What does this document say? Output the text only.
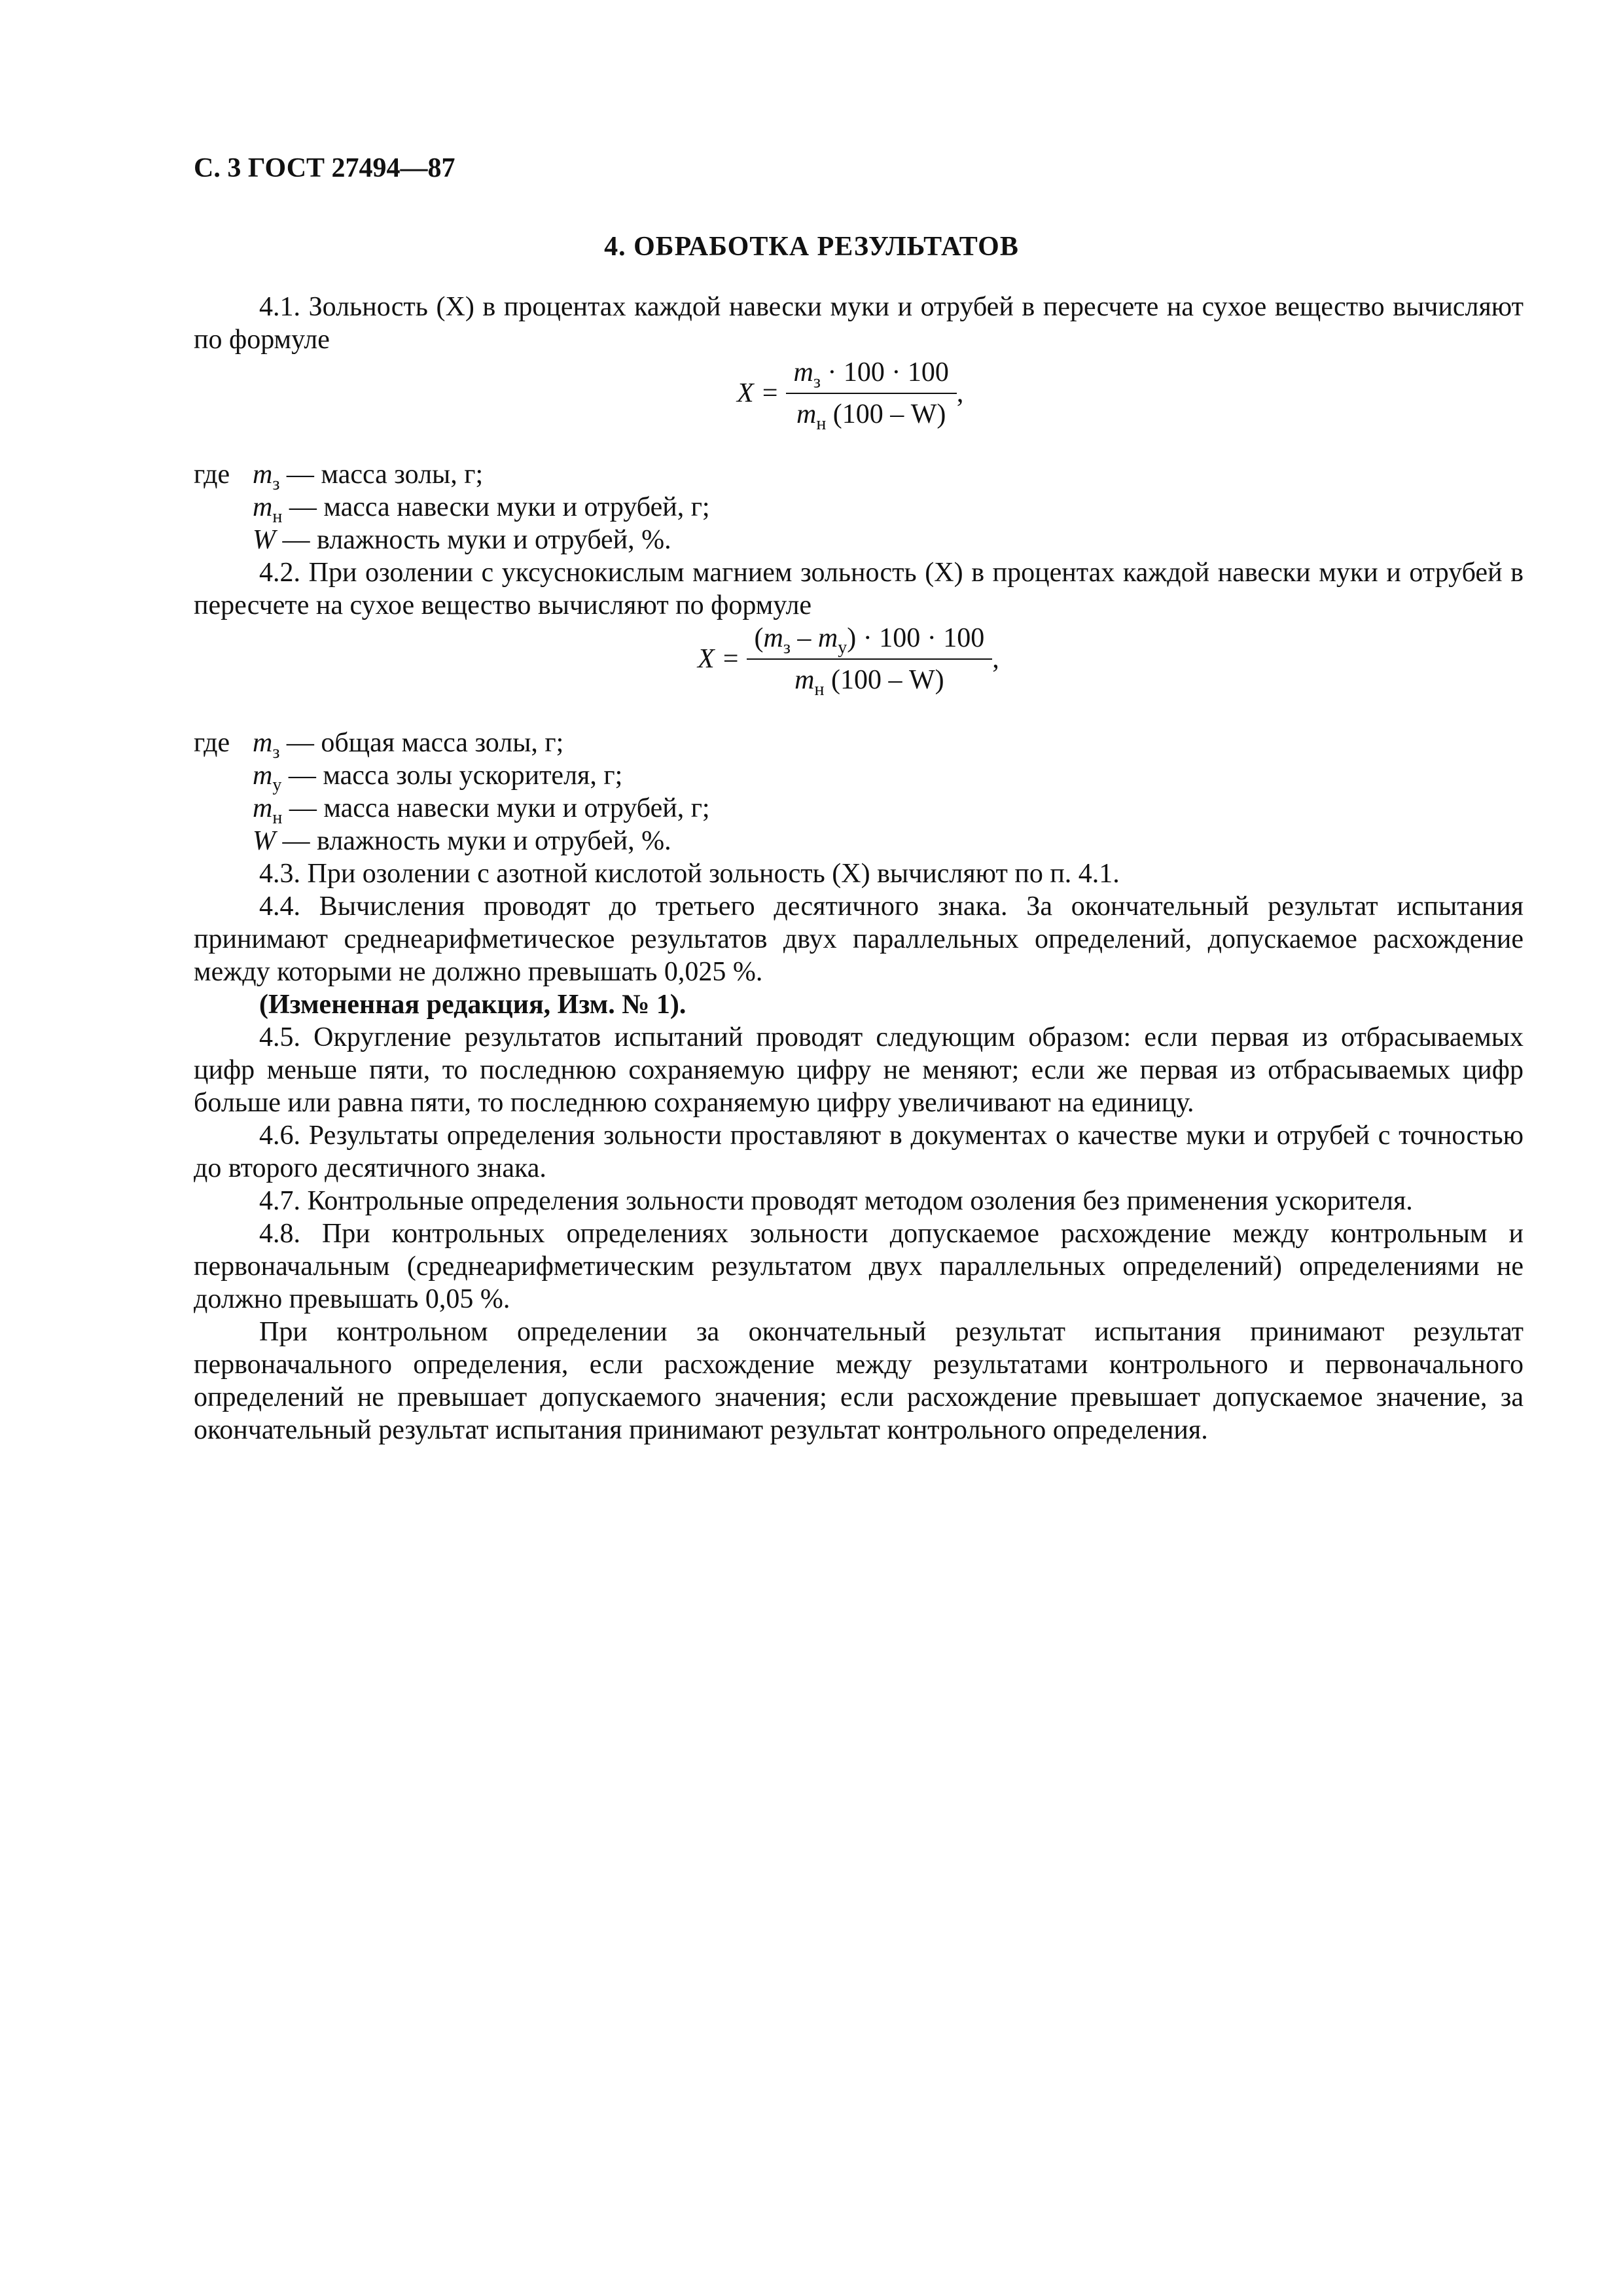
С. 3 ГОСТ 27494—87
4. ОБРАБОТКА РЕЗУЛЬТАТОВ

4.1. Зольность (X) в процентах каждой навески муки и отрубей в пересчете на сухое вещество вычисляют по формуле

$X = \frac{m_з \cdot 100 \cdot 100}{m_н (100 - W)}$ ,
где $m_з$ — масса золы, г;
$m_н$ — масса навески муки и отрубей, г;
W — влажность муки и отрубей, %.

4.2. При озолении с уксуснокислым магнием зольность (X) в процентах каждой навески муки и отрубей в пересчете на сухое вещество вычисляют по формуле

$X = \frac{(m_з - m_у) \cdot 100 \cdot 100}{m_н (100 - W)}$ ,
где $m_з$ — общая масса золы, г;
$m_у$ — масса золы ускорителя, г;
$m_н$ — масса навески муки и отрубей, г;
W — влажность муки и отрубей, %.

4.3. При озолении с азотной кислотой зольность (X) вычисляют по п. 4.1.

4.4. Вычисления проводят до третьего десятичного знака. За окончательный результат испытания принимают среднеарифметическое результатов двух параллельных определений, допускаемое расхождение между которыми не должно превышать 0,025 %.

(Измененная редакция, Изм. № 1).

4.5. Округление результатов испытаний проводят следующим образом: если первая из отбрасываемых цифр меньше пяти, то последнюю сохраняемую цифру не меняют; если же первая из отбрасываемых цифр больше или равна пяти, то последнюю сохраняемую цифру увеличивают на единицу.

4.6. Результаты определения зольности проставляют в документах о качестве муки и отрубей с точностью до второго десятичного знака.

4.7. Контрольные определения зольности проводят методом озоления без применения ускорителя.

4.8. При контрольных определениях зольности допускаемое расхождение между контрольным и первоначальным (среднеарифметическим результатом двух параллельных определений) определениями не должно превышать 0,05 %.

При контрольном определении за окончательный результат испытания принимают результат первоначального определения, если расхождение между результатами контрольного и первоначального определений не превышает допускаемого значения; если расхождение превышает допускаемое значение, за окончательный результат испытания принимают результат контрольного определения.
